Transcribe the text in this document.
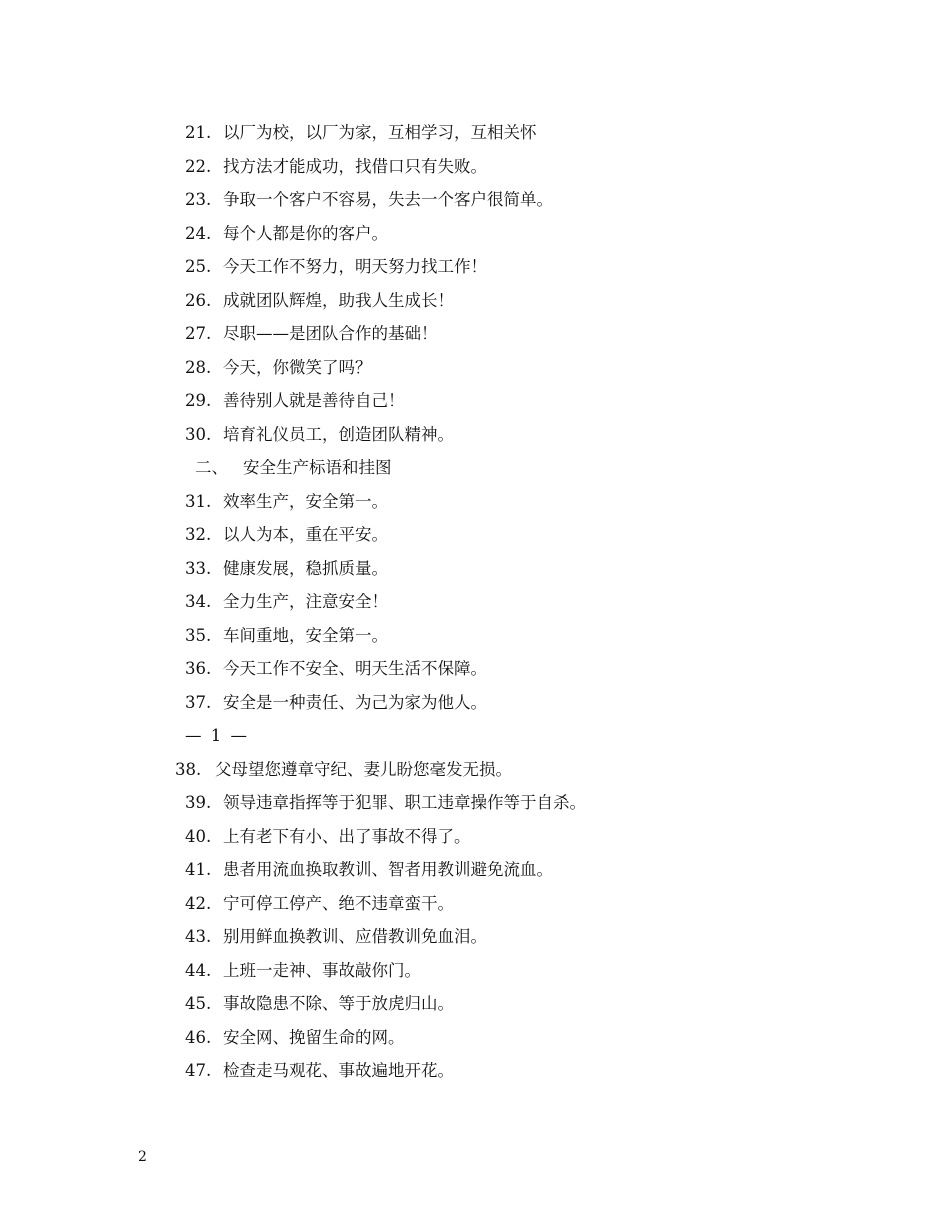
21. 以厂为校，以厂为家，互相学习，互相关怀
22. 找方法才能成功，找借口只有失败。
23. 争取一个客户不容易，失去一个客户很简单。
24. 每个人都是你的客户。
25. 今天工作不努力，明天努力找工作！
26. 成就团队辉煌，助我人生成长！
27. 尽职——是团队合作的基础！
28. 今天，你微笑了吗？
29. 善待别人就是善待自己！
30. 培育礼仪员工，创造团队精神。
二、 安全生产标语和挂图
31. 效率生产，安全第一。
32. 以人为本，重在平安。
33. 健康发展，稳抓质量。
34. 全力生产，注意安全！
35. 车间重地，安全第一。
36. 今天工作不安全、明天生活不保障。
37. 安全是一种责任、为己为家为他人。
— 1 —
38. 父母望您遵章守纪、妻儿盼您毫发无损。
39. 领导违章指挥等于犯罪、职工违章操作等于自杀。
40. 上有老下有小、出了事故不得了。
41. 患者用流血换取教训、智者用教训避免流血。
42. 宁可停工停产、绝不违章蛮干。
43. 别用鲜血换教训、应借教训免血泪。
44. 上班一走神、事故敲你门。
45. 事故隐患不除、等于放虎归山。
46. 安全网、挽留生命的网。
47. 检查走马观花、事故遍地开花。
2
